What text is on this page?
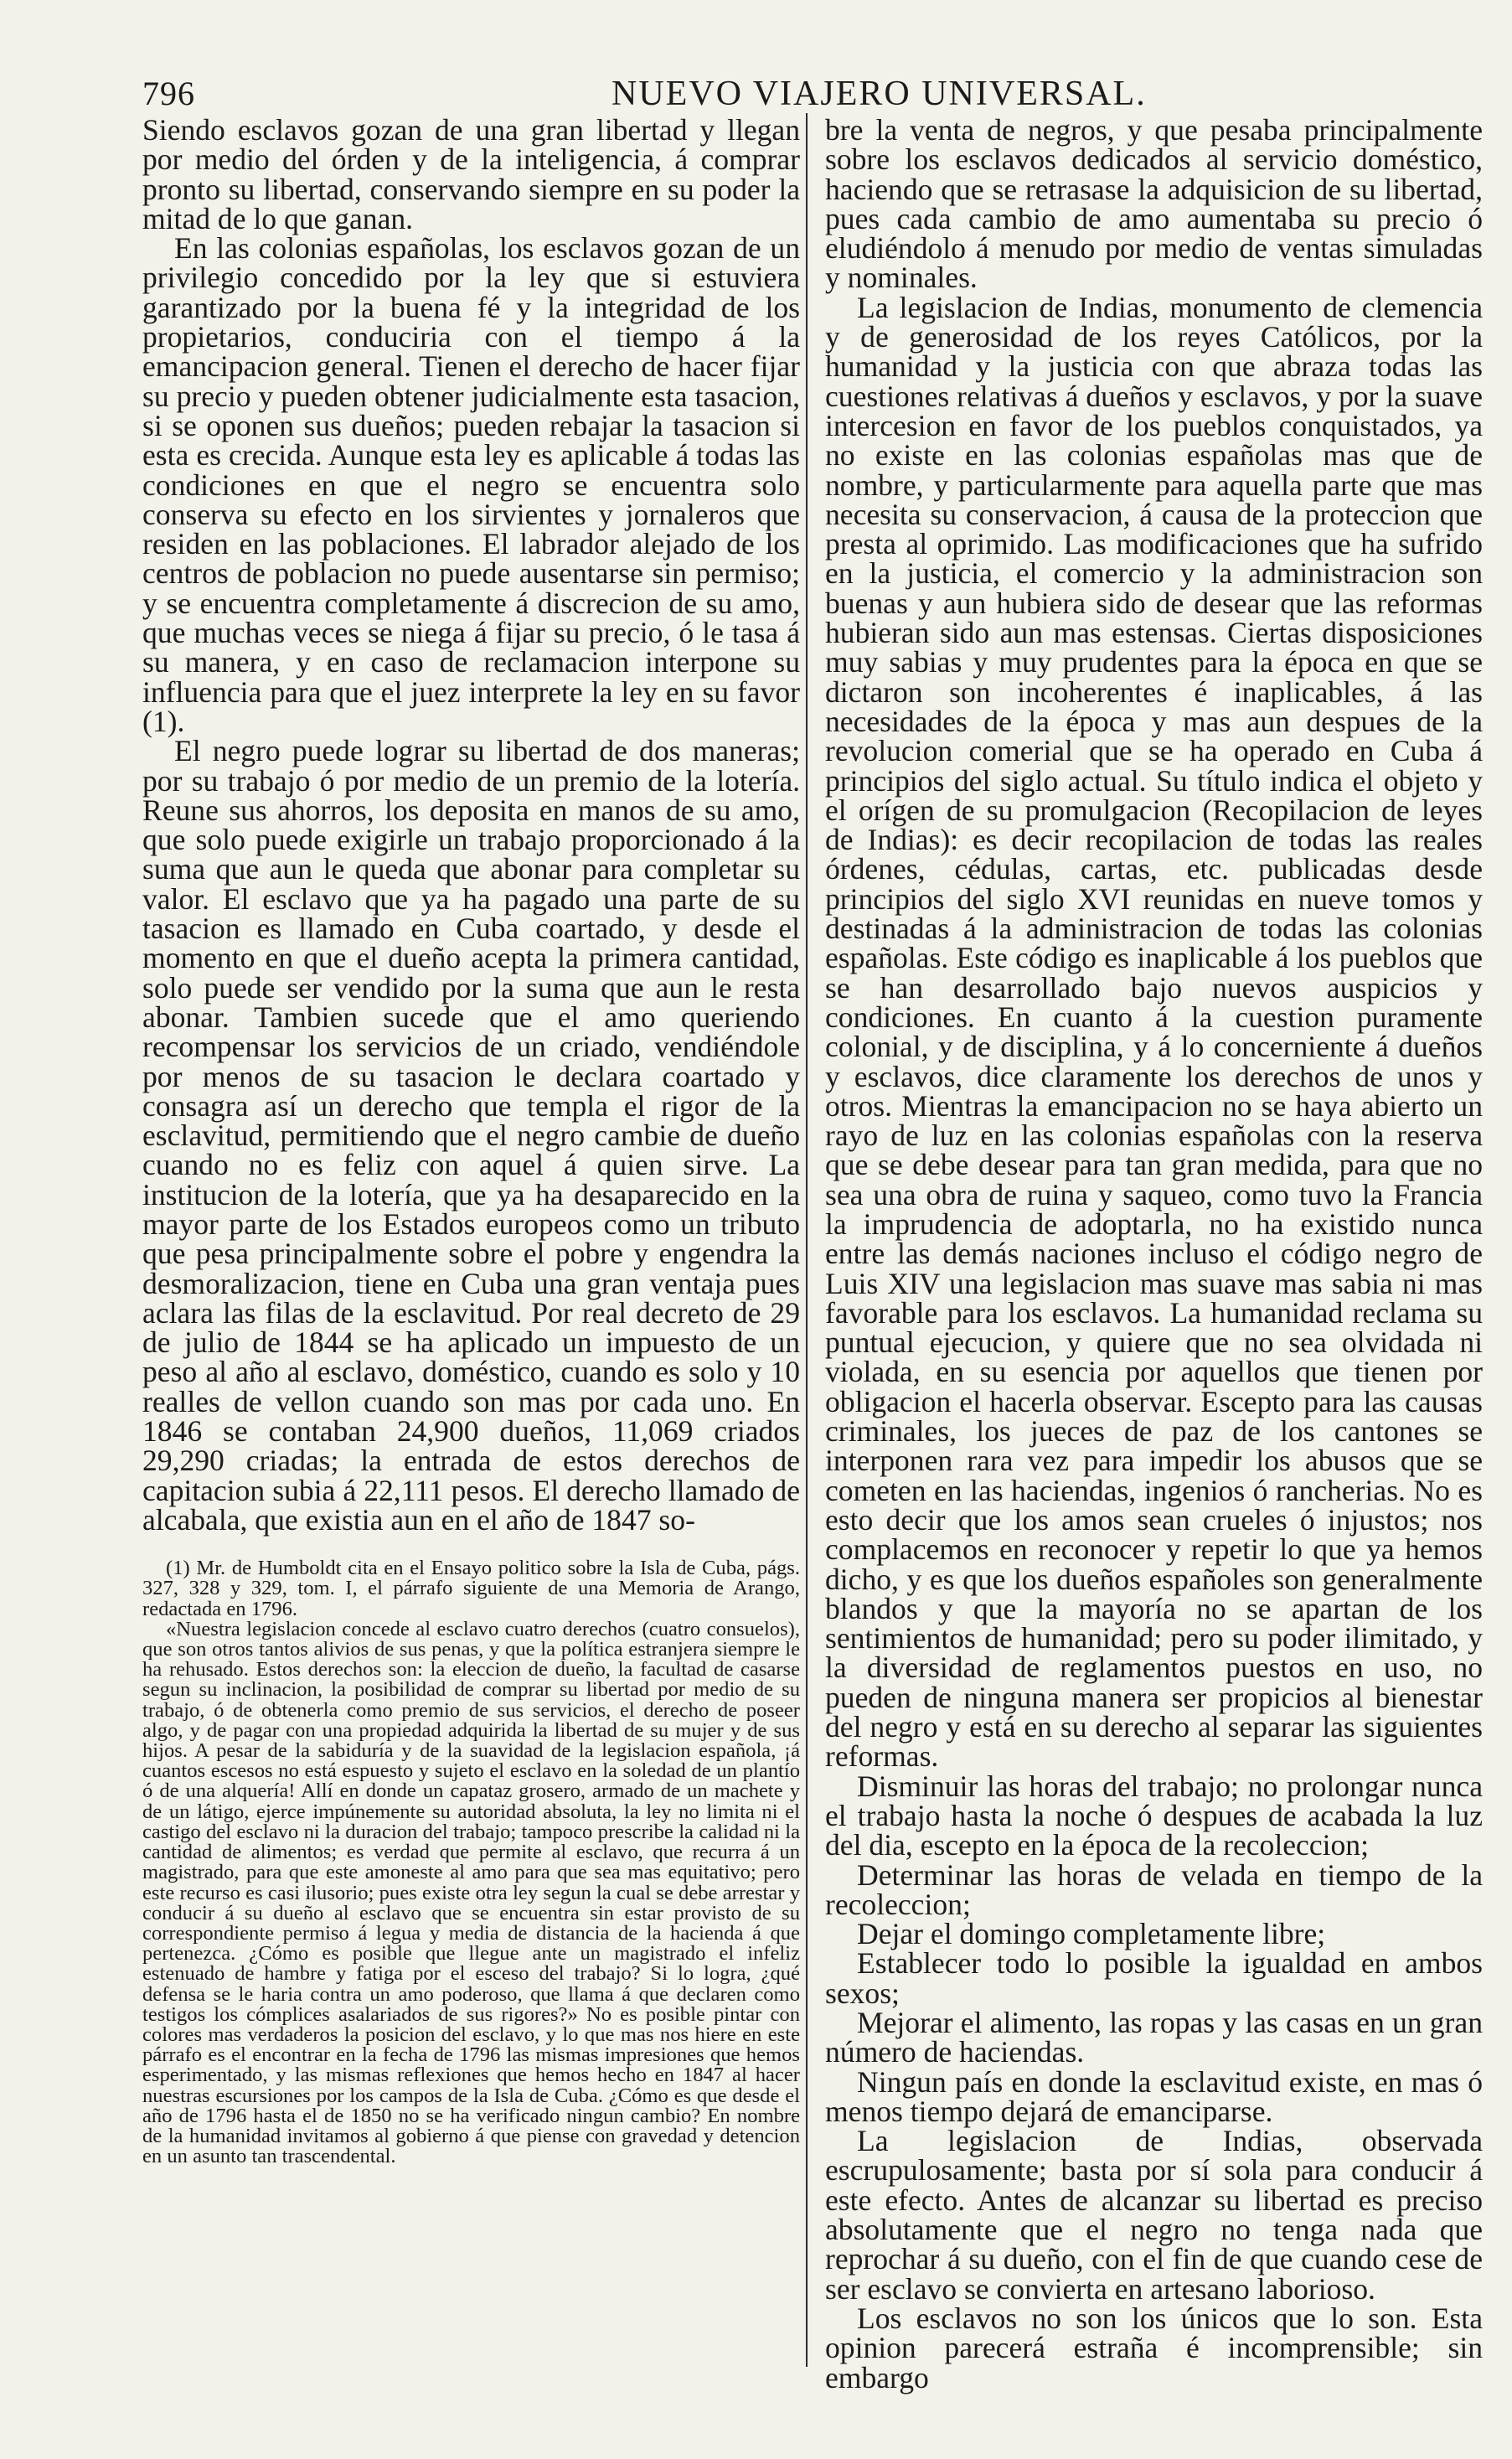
796	NUEVO VIAJERO UNIVERSAL.

Siendo esclavos gozan de una gran libertad y llegan por medio del órden y de la inteligencia, á comprar pronto su libertad, conservando siempre en su poder la mitad de lo que ganan.

En las colonias españolas, los esclavos gozan de un privilegio concedido por la ley que si estuviera garantizado por la buena fé y la integridad de los propietarios, conduciria con el tiempo á la emancipacion general. Tienen el derecho de hacer fijar su precio y pueden obtener judicialmente esta tasacion, si se oponen sus dueños; pueden rebajar la tasacion si esta es crecida. Aunque esta ley es aplicable á todas las condiciones en que el negro se encuentra solo conserva su efecto en los sirvientes y jornaleros que residen en las poblaciones. El labrador alejado de los centros de poblacion no puede ausentarse sin permiso; y se encuentra completamente á discrecion de su amo, que muchas veces se niega á fijar su precio, ó le tasa á su manera, y en caso de reclamacion interpone su influencia para que el juez interprete la ley en su favor (1).

El negro puede lograr su libertad de dos maneras; por su trabajo ó por medio de un premio de la lotería. Reune sus ahorros, los deposita en manos de su amo, que solo puede exigirle un trabajo proporcionado á la suma que aun le queda que abonar para completar su valor. El esclavo que ya ha pagado una parte de su tasacion es llamado en Cuba coartado, y desde el momento en que el dueño acepta la primera cantidad, solo puede ser vendido por la suma que aun le resta abonar. Tambien sucede que el amo queriendo recompensar los servicios de un criado, vendiéndole por menos de su tasacion le declara coartado y consagra así un derecho que templa el rigor de la esclavitud, permitiendo que el negro cambie de dueño cuando no es feliz con aquel á quien sirve. La institucion de la lotería, que ya ha desaparecido en la mayor parte de los Estados europeos como un tributo que pesa principalmente sobre el pobre y engendra la desmoralizacion, tiene en Cuba una gran ventaja pues aclara las filas de la esclavitud. Por real decreto de 29 de julio de 1844 se ha aplicado un impuesto de un peso al año al esclavo, doméstico, cuando es solo y 10 realles de vellon cuando son mas por cada uno. En 1846 se contaban 24,900 dueños, 11,069 criados 29,290 criadas; la entrada de estos derechos de capitacion subia á 22,111 pesos. El derecho llamado de alcabala, que existia aun en el año de 1847 so-

(1) Mr. de Humboldt cita en el Ensayo politico sobre la Isla de Cuba, págs. 327, 328 y 329, tom. I, el párrafo siguiente de una Memoria de Arango, redactada en 1796.

«Nuestra legislacion concede al esclavo cuatro derechos (cuatro consuelos), que son otros tantos alivios de sus penas, y que la política estranjera siempre le ha rehusado. Estos derechos son: la eleccion de dueño, la facultad de casarse segun su inclinacion, la posibilidad de comprar su libertad por medio de su trabajo, ó de obtenerla como premio de sus servicios, el derecho de poseer algo, y de pagar con una propiedad adquirida la libertad de su mujer y de sus hijos. A pesar de la sabiduría y de la suavidad de la legislacion española, ¡á cuantos escesos no está espuesto y sujeto el esclavo en la soledad de un plantío ó de una alquería! Allí en donde un capataz grosero, armado de un machete y de un látigo, ejerce impúnemente su autoridad absoluta, la ley no limita ni el castigo del esclavo ni la duracion del trabajo; tampoco prescribe la calidad ni la cantidad de alimentos; es verdad que permite al esclavo, que recurra á un magistrado, para que este amoneste al amo para que sea mas equitativo; pero este recurso es casi ilusorio; pues existe otra ley segun la cual se debe arrestar y conducir á su dueño al esclavo que se encuentra sin estar provisto de su correspondiente permiso á legua y media de distancia de la hacienda á que pertenezca. ¿Cómo es posible que llegue ante un magistrado el infeliz estenuado de hambre y fatiga por el esceso del trabajo? Si lo logra, ¿qué defensa se le haria contra un amo poderoso, que llama á que declaren como testigos los cómplices asalariados de sus rigores?» No es posible pintar con colores mas verdaderos la posicion del esclavo, y lo que mas nos hiere en este párrafo es el encontrar en la fecha de 1796 las mismas impresiones que hemos esperimentado, y las mismas reflexiones que hemos hecho en 1847 al hacer nuestras escursiones por los campos de la Isla de Cuba. ¿Cómo es que desde el año de 1796 hasta el de 1850 no se ha verificado ningun cambio? En nombre de la humanidad invitamos al gobierno á que piense con gravedad y detencion en un asunto tan trascendental.

bre la venta de negros, y que pesaba principalmente sobre los esclavos dedicados al servicio doméstico, haciendo que se retrasase la adquisicion de su libertad, pues cada cambio de amo aumentaba su precio ó eludiéndolo á menudo por medio de ventas simuladas y nominales.

La legislacion de Indias, monumento de clemencia y de generosidad de los reyes Católicos, por la humanidad y la justicia con que abraza todas las cuestiones relativas á dueños y esclavos, y por la suave intercesion en favor de los pueblos conquistados, ya no existe en las colonias españolas mas que de nombre, y particularmente para aquella parte que mas necesita su conservacion, á causa de la proteccion que presta al oprimido. Las modificaciones que ha sufrido en la justicia, el comercio y la administracion son buenas y aun hubiera sido de desear que las reformas hubieran sido aun mas estensas. Ciertas disposiciones muy sabias y muy prudentes para la época en que se dictaron son incoherentes é inaplicables, á las necesidades de la época y mas aun despues de la revolucion comerial que se ha operado en Cuba á principios del siglo actual. Su título indica el objeto y el orígen de su promulgacion (Recopilacion de leyes de Indias): es decir recopilacion de todas las reales órdenes, cédulas, cartas, etc. publicadas desde principios del siglo XVI reunidas en nueve tomos y destinadas á la administracion de todas las colonias españolas. Este código es inaplicable á los pueblos que se han desarrollado bajo nuevos auspicios y condiciones. En cuanto á la cuestion puramente colonial, y de disciplina, y á lo concerniente á dueños y esclavos, dice claramente los derechos de unos y otros. Mientras la emancipacion no se haya abierto un rayo de luz en las colonias españolas con la reserva que se debe desear para tan gran medida, para que no sea una obra de ruina y saqueo, como tuvo la Francia la imprudencia de adoptarla, no ha existido nunca entre las demás naciones incluso el código negro de Luis XIV una legislacion mas suave mas sabia ni mas favorable para los esclavos. La humanidad reclama su puntual ejecucion, y quiere que no sea olvidada ni violada, en su esencia por aquellos que tienen por obligacion el hacerla observar. Escepto para las causas criminales, los jueces de paz de los cantones se interponen rara vez para impedir los abusos que se cometen en las haciendas, ingenios ó rancherias. No es esto decir que los amos sean crueles ó injustos; nos complacemos en reconocer y repetir lo que ya hemos dicho, y es que los dueños españoles son generalmente blandos y que la mayoría no se apartan de los sentimientos de humanidad; pero su poder ilimitado, y la diversidad de reglamentos puestos en uso, no pueden de ninguna manera ser propicios al bienestar del negro y está en su derecho al separar las siguientes reformas.

Disminuir las horas del trabajo; no prolongar nunca el trabajo hasta la noche ó despues de acabada la luz del dia, escepto en la época de la recoleccion;

Determinar las horas de velada en tiempo de la recoleccion;

Dejar el domingo completamente libre;

Establecer todo lo posible la igualdad en ambos sexos;

Mejorar el alimento, las ropas y las casas en un gran número de haciendas.

Ningun país en donde la esclavitud existe, en mas ó menos tiempo dejará de emanciparse.

La legislacion de Indias, observada escrupulosamente; basta por sí sola para conducir á este efecto. Antes de alcanzar su libertad es preciso absolutamente que el negro no tenga nada que reprochar á su dueño, con el fin de que cuando cese de ser esclavo se convierta en artesano laborioso.

Los esclavos no son los únicos que lo son. Esta opinion parecerá estraña é incomprensible; sin embargo
